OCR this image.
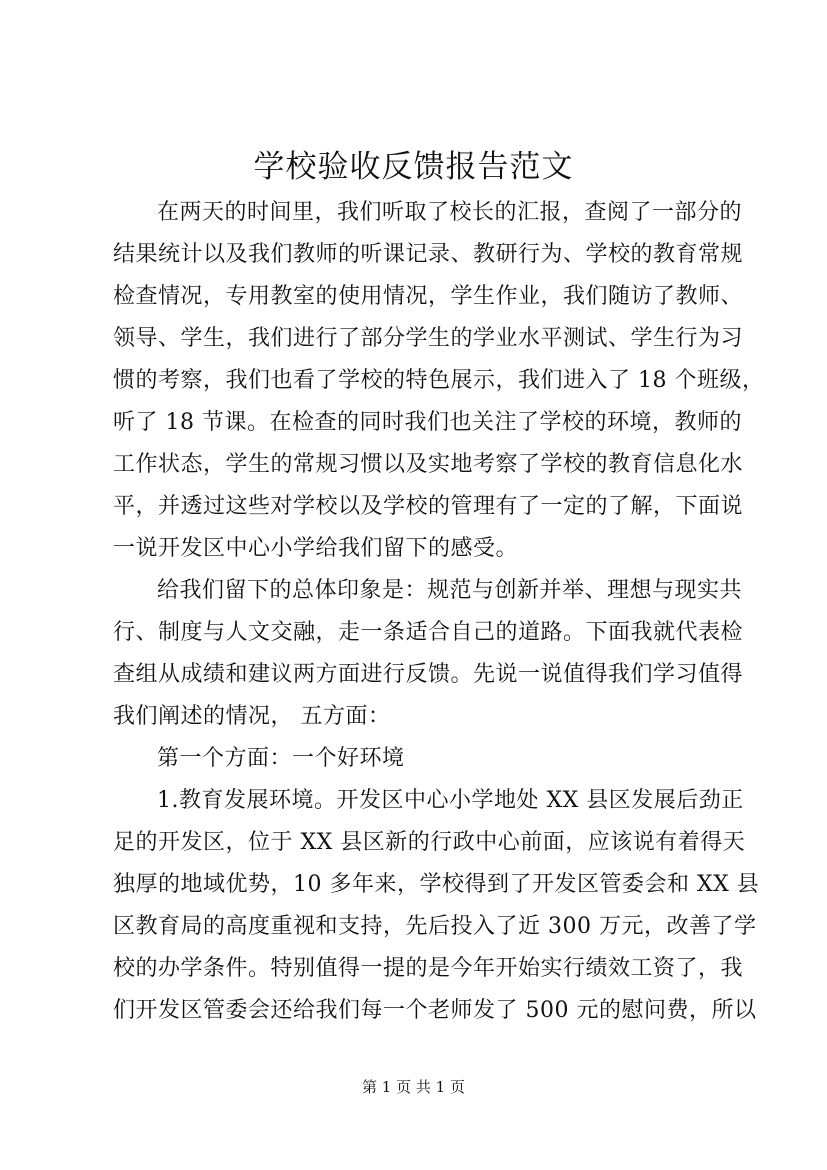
学校验收反馈报告范文
在两天的时间里，我们听取了校长的汇报，查阅了一部分的
结果统计以及我们教师的听课记录、教研行为、学校的教育常规
检查情况，专用教室的使用情况，学生作业，我们随访了教师、
领导、学生，我们进行了部分学生的学业水平测试、学生行为习
惯的考察，我们也看了学校的特色展示，我们进入了 18 个班级，
听了 18 节课。在检查的同时我们也关注了学校的环境，教师的
工作状态，学生的常规习惯以及实地考察了学校的教育信息化水
平，并透过这些对学校以及学校的管理有了一定的了解，下面说
一说开发区中心小学给我们留下的感受。
给我们留下的总体印象是：规范与创新并举、理想与现实共
行、制度与人文交融，走一条适合自己的道路。下面我就代表检
查组从成绩和建议两方面进行反馈。先说一说值得我们学习值得
我们阐述的情况， 五方面：
第一个方面：一个好环境
1.教育发展环境。开发区中心小学地处 XX 县区发展后劲正
足的开发区，位于 XX 县区新的行政中心前面，应该说有着得天
独厚的地域优势，10 多年来，学校得到了开发区管委会和 XX 县
区教育局的高度重视和支持，先后投入了近 300 万元，改善了学
校的办学条件。特别值得一提的是今年开始实行绩效工资了，我
们开发区管委会还给我们每一个老师发了 500 元的慰问费，所以
第 1 页 共 1 页
